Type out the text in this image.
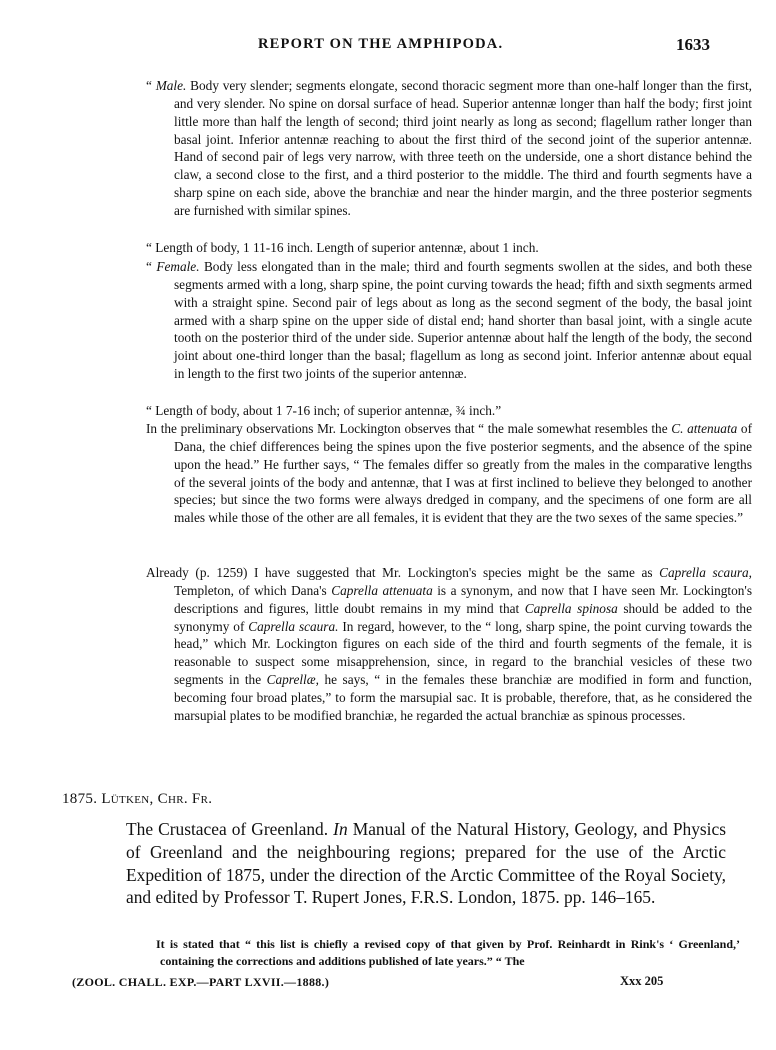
REPORT ON THE AMPHIPODA.	1633

“ Male. Body very slender; segments elongate, second thoracic segment more than one-half longer than the first, and very slender. No spine on dorsal surface of head. Superior antennæ longer than half the body; first joint little more than half the length of second; third joint nearly as long as second; flagellum rather longer than basal joint. Inferior antennæ reaching to about the first third of the second joint of the superior antennæ. Hand of second pair of legs very narrow, with three teeth on the underside, one a short distance behind the claw, a second close to the first, and a third posterior to the middle. The third and fourth segments have a sharp spine on each side, above the branchiæ and near the hinder margin, and the three posterior segments are furnished with similar spines.

“ Length of body, 1 11-16 inch. Length of superior antennæ, about 1 inch.

“ Female. Body less elongated than in the male; third and fourth segments swollen at the sides, and both these segments armed with a long, sharp spine, the point curving towards the head; fifth and sixth segments armed with a straight spine. Second pair of legs about as long as the second segment of the body, the basal joint armed with a sharp spine on the upper side of distal end; hand shorter than basal joint, with a single acute tooth on the posterior third of the under side. Superior antennæ about half the length of the body, the second joint about one-third longer than the basal; flagellum as long as second joint. Inferior antennæ about equal in length to the first two joints of the superior antennæ.

“ Length of body, about 1 7-16 inch; of superior antennæ, ¾ inch.”

In the preliminary observations Mr. Lockington observes that “ the male somewhat resembles the C. attenuata of Dana, the chief differences being the spines upon the five posterior segments, and the absence of the spine upon the head.” He further says, “ The females differ so greatly from the males in the comparative lengths of the several joints of the body and antennæ, that I was at first inclined to believe they belonged to another species; but since the two forms were always dredged in company, and the specimens of one form are all males while those of the other are all females, it is evident that they are the two sexes of the same species.”

Already (p. 1259) I have suggested that Mr. Lockington's species might be the same as Caprella scaura, Templeton, of which Dana's Caprella attenuata is a synonym, and now that I have seen Mr. Lockington's descriptions and figures, little doubt remains in my mind that Caprella spinosa should be added to the synonymy of Caprella scaura. In regard, however, to the “ long, sharp spine, the point curving towards the head,” which Mr. Lockington figures on each side of the third and fourth segments of the female, it is reasonable to suspect some misapprehension, since, in regard to the branchial vesicles of these two segments in the Caprellæ, he says, “ in the females these branchiæ are modified in form and function, becoming four broad plates,” to form the marsupial sac. It is probable, therefore, that, as he considered the marsupial plates to be modified branchiæ, he regarded the actual branchiæ as spinous processes.

1875. Lütken, Chr. Fr.

The Crustacea of Greenland. In Manual of the Natural History, Geology, and Physics of Greenland and the neighbouring regions; prepared for the use of the Arctic Expedition of 1875, under the direction of the Arctic Committee of the Royal Society, and edited by Professor T. Rupert Jones, F.R.S. London, 1875. pp. 146–165.

It is stated that “ this list is chiefly a revised copy of that given by Prof. Reinhardt in Rink's ‘ Greenland,’ containing the corrections and additions published of late years.” “ The

(ZOOL. CHALL. EXP.—PART LXVII.—1888.)	Xxx 205
